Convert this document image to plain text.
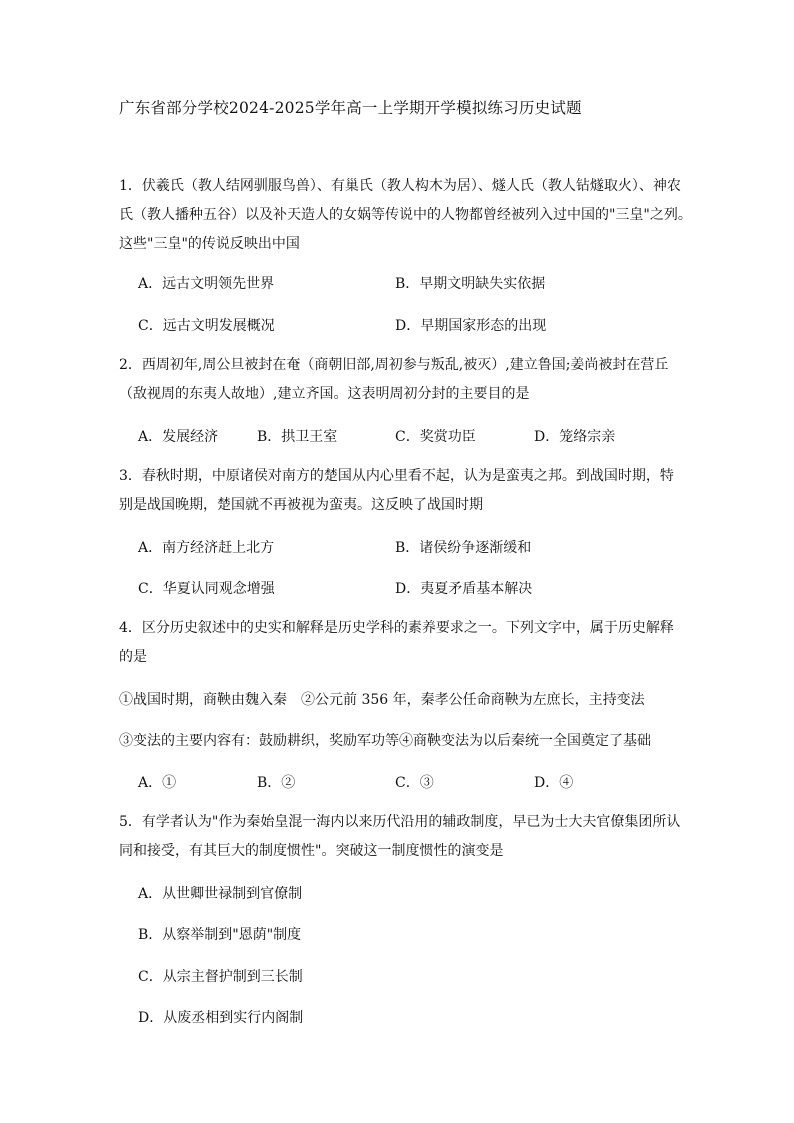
广东省部分学校2024-2025学年高一上学期开学模拟练习历史试题
1．伏羲氏（教人结网驯服鸟兽）、有巢氏（教人构木为居）、燧人氏（教人钻燧取火）、神农
氏（教人播种五谷）以及补天造人的女娲等传说中的人物都曾经被列入过中国的"三皇"之列。
这些"三皇"的传说反映出中国
A．远古文明领先世界	B．早期文明缺失实依据
C．远古文明发展概况	D．早期国家形态的出现
2．西周初年,周公旦被封在奄（商朝旧部,周初参与叛乱,被灭）,建立鲁国;姜尚被封在营丘
（敌视周的东夷人故地）,建立齐国。这表明周初分封的主要目的是
A．发展经济	B．拱卫王室	C．奖赏功臣	D．笼络宗亲
3．春秋时期，中原诸侯对南方的楚国从内心里看不起，认为是蛮夷之邦。到战国时期，特
别是战国晚期，楚国就不再被视为蛮夷。这反映了战国时期
A．南方经济赶上北方	B．诸侯纷争逐渐缓和
C．华夏认同观念增强	D．夷夏矛盾基本解决
4．区分历史叙述中的史实和解释是历史学科的素养要求之一。下列文字中，属于历史解释
的是
①战国时期，商鞅由魏入秦　②公元前 356 年，秦孝公任命商鞅为左庶长，主持变法
③变法的主要内容有：鼓励耕织，奖励军功等④商鞅变法为以后秦统一全国奠定了基础
A．①	B．②	C．③	D．④
5．有学者认为"作为秦始皇混一海内以来历代沿用的辅政制度，早已为士大夫官僚集团所认
同和接受，有其巨大的制度惯性"。突破这一制度惯性的演变是
A．从世卿世禄制到官僚制
B．从察举制到"恩荫"制度
C．从宗主督护制到三长制
D．从废丞相到实行内阁制
